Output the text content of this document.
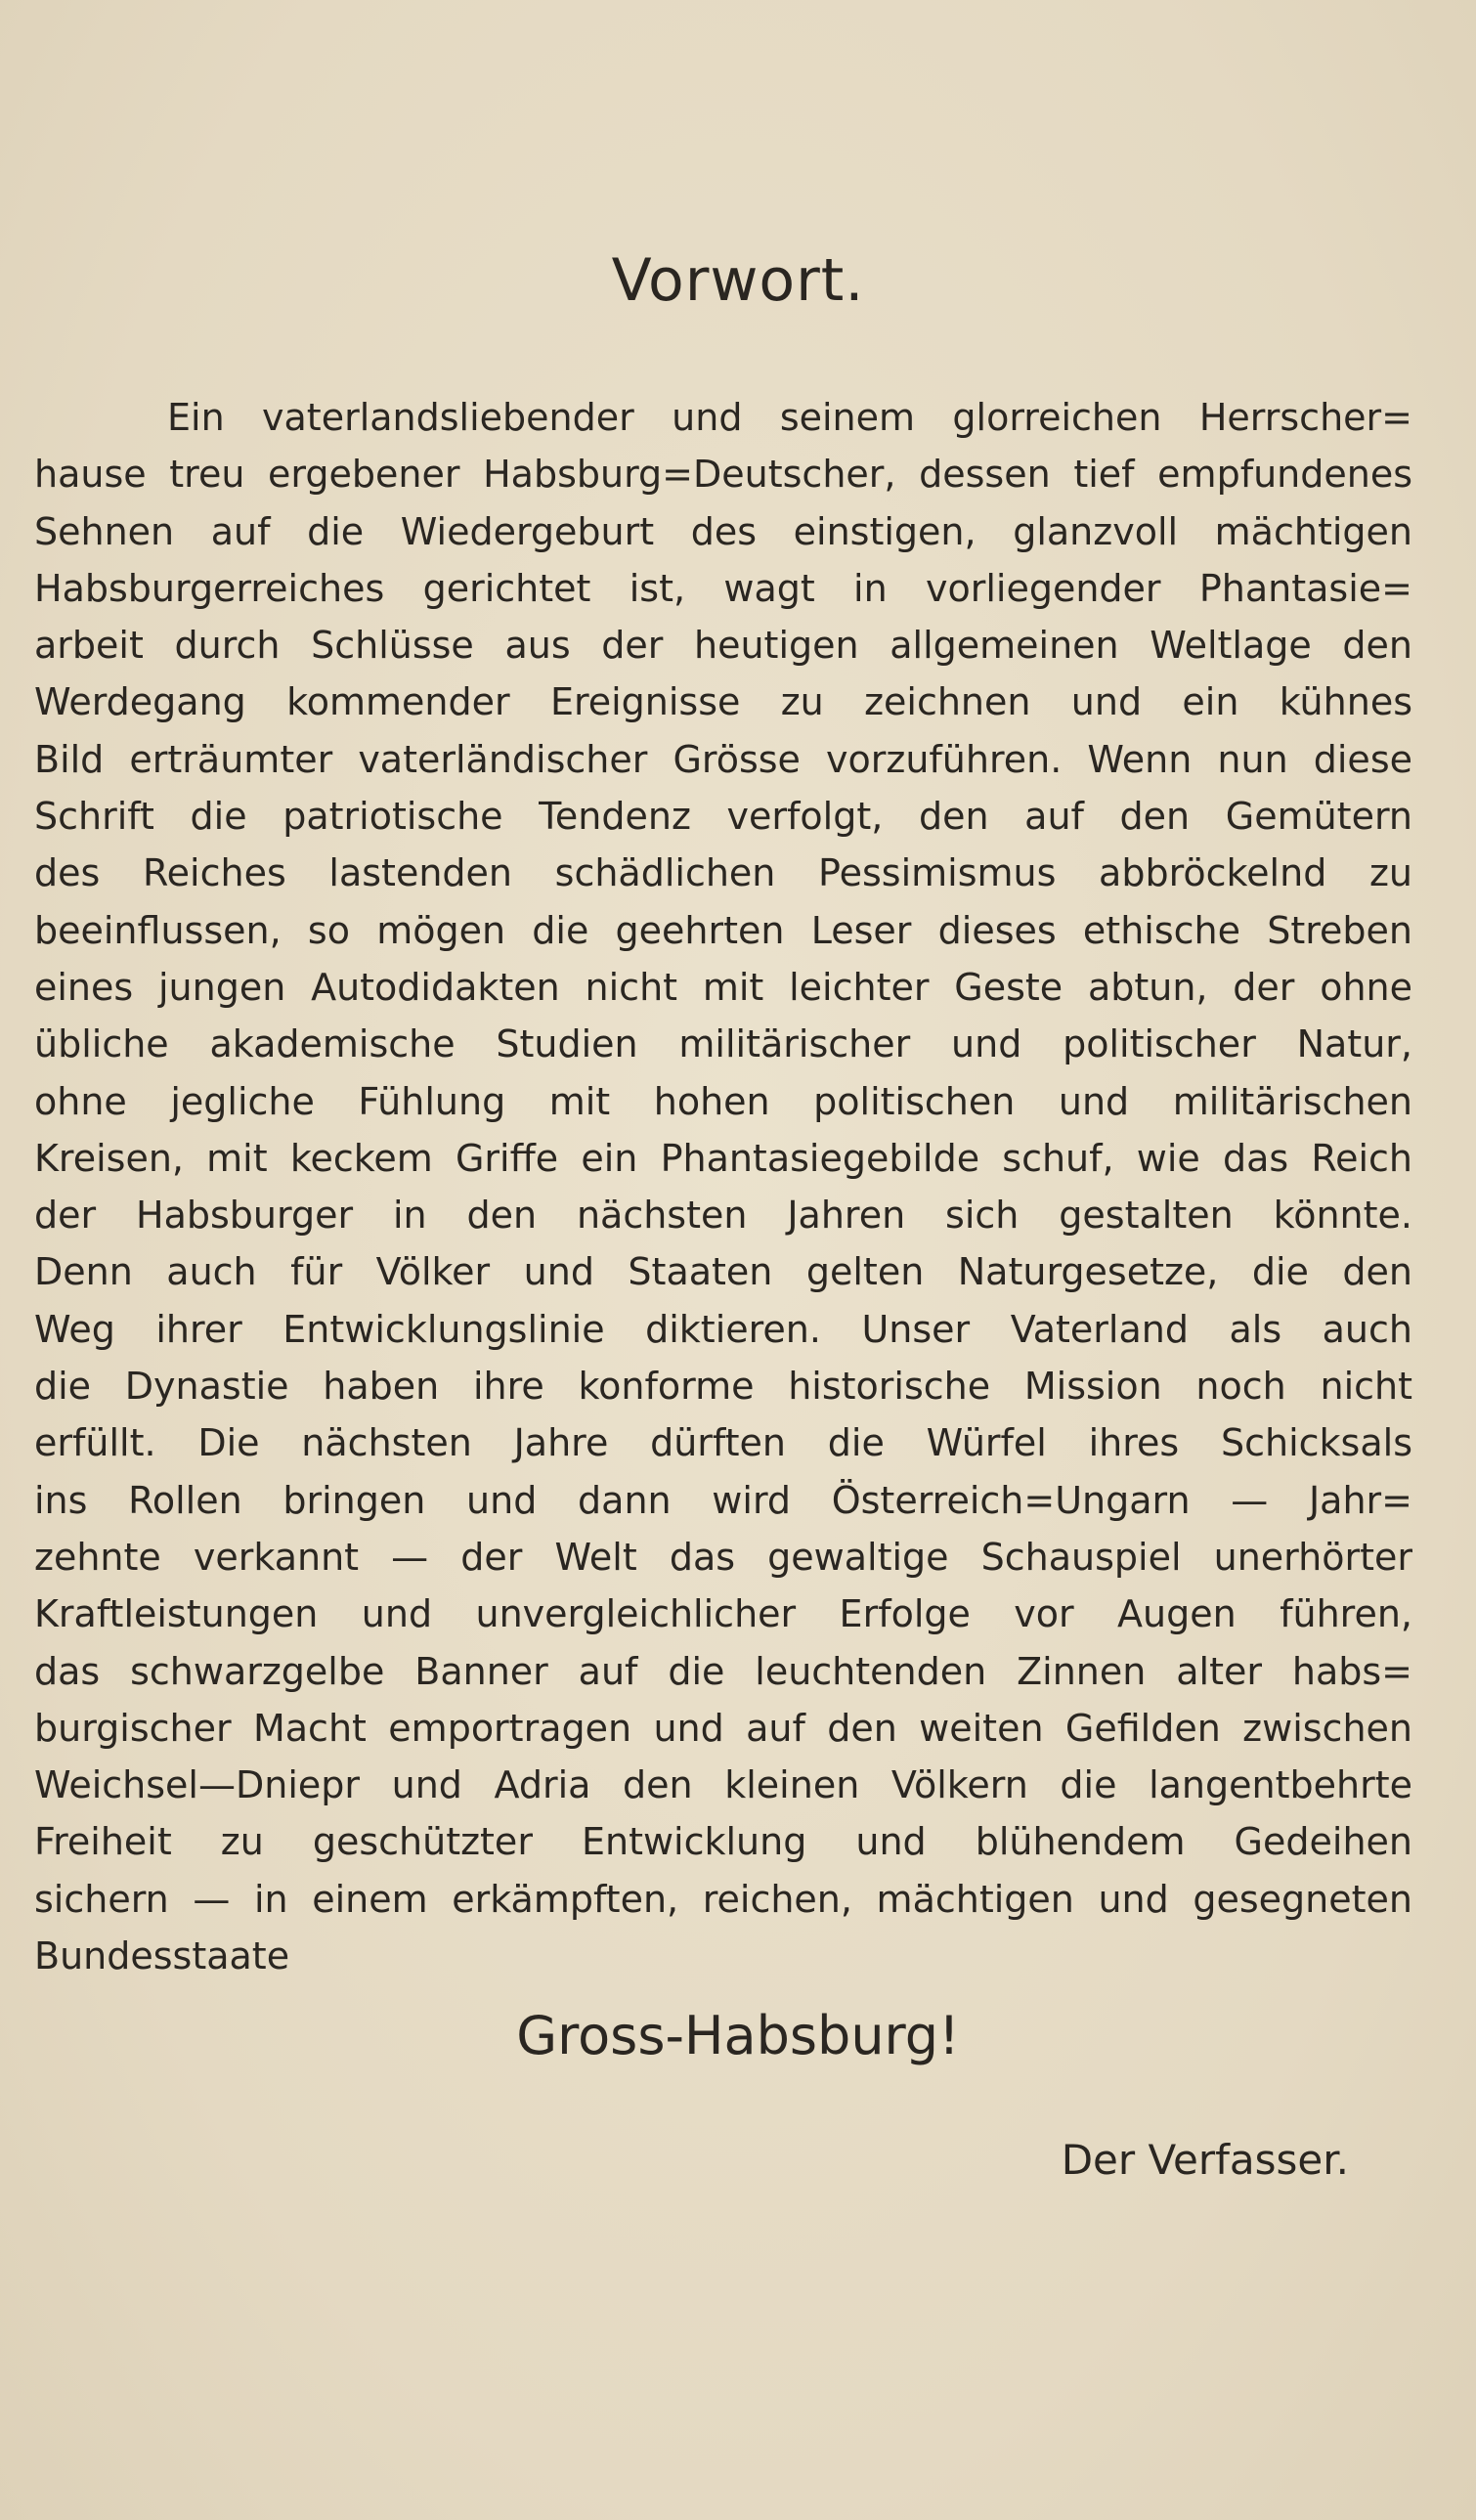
Vorwort.
Ein vaterlandsliebender und seinem glorreichen Herrscher=
hause treu ergebener Habsburg=Deutscher, dessen tief empfundenes
Sehnen auf die Wiedergeburt des einstigen, glanzvoll mächtigen
Habsburgerreiches gerichtet ist, wagt in vorliegender Phantasie=
arbeit durch Schlüsse aus der heutigen allgemeinen Weltlage den
Werdegang kommender Ereignisse zu zeichnen und ein kühnes
Bild erträumter vaterländischer Grösse vorzuführen. Wenn nun diese
Schrift die patriotische Tendenz verfolgt, den auf den Gemütern
des Reiches lastenden schädlichen Pessimismus abbröckelnd zu
beeinflussen, so mögen die geehrten Leser dieses ethische Streben
eines jungen Autodidakten nicht mit leichter Geste abtun, der ohne
übliche akademische Studien militärischer und politischer Natur,
ohne jegliche Fühlung mit hohen politischen und militärischen
Kreisen, mit keckem Griffe ein Phantasiegebilde schuf, wie das Reich
der Habsburger in den nächsten Jahren sich gestalten könnte.
Denn auch für Völker und Staaten gelten Naturgesetze, die den
Weg ihrer Entwicklungslinie diktieren. Unser Vaterland als auch
die Dynastie haben ihre konforme historische Mission noch nicht
erfüllt. Die nächsten Jahre dürften die Würfel ihres Schicksals
ins Rollen bringen und dann wird Österreich=Ungarn — Jahr=
zehnte verkannt — der Welt das gewaltige Schauspiel unerhörter
Kraftleistungen und unvergleichlicher Erfolge vor Augen führen,
das schwarzgelbe Banner auf die leuchtenden Zinnen alter habs=
burgischer Macht emportragen und auf den weiten Gefilden zwischen
Weichsel—Dniepr und Adria den kleinen Völkern die langentbehrte
Freiheit zu geschützter Entwicklung und blühendem Gedeihen
sichern — in einem erkämpften, reichen, mächtigen und gesegneten
Bundesstaate
Gross-Habsburg!
Der Verfasser.
